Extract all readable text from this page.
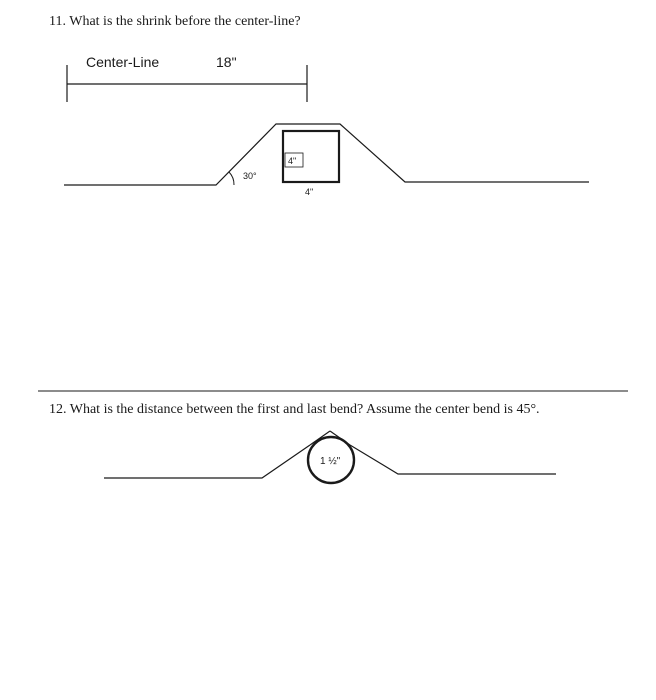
11. What is the shrink before the center-line?
Center-Line	18"
30°
4"
4"
1 ½"
12. What is the distance between the first and last bend? Assume the center bend is 45°.
